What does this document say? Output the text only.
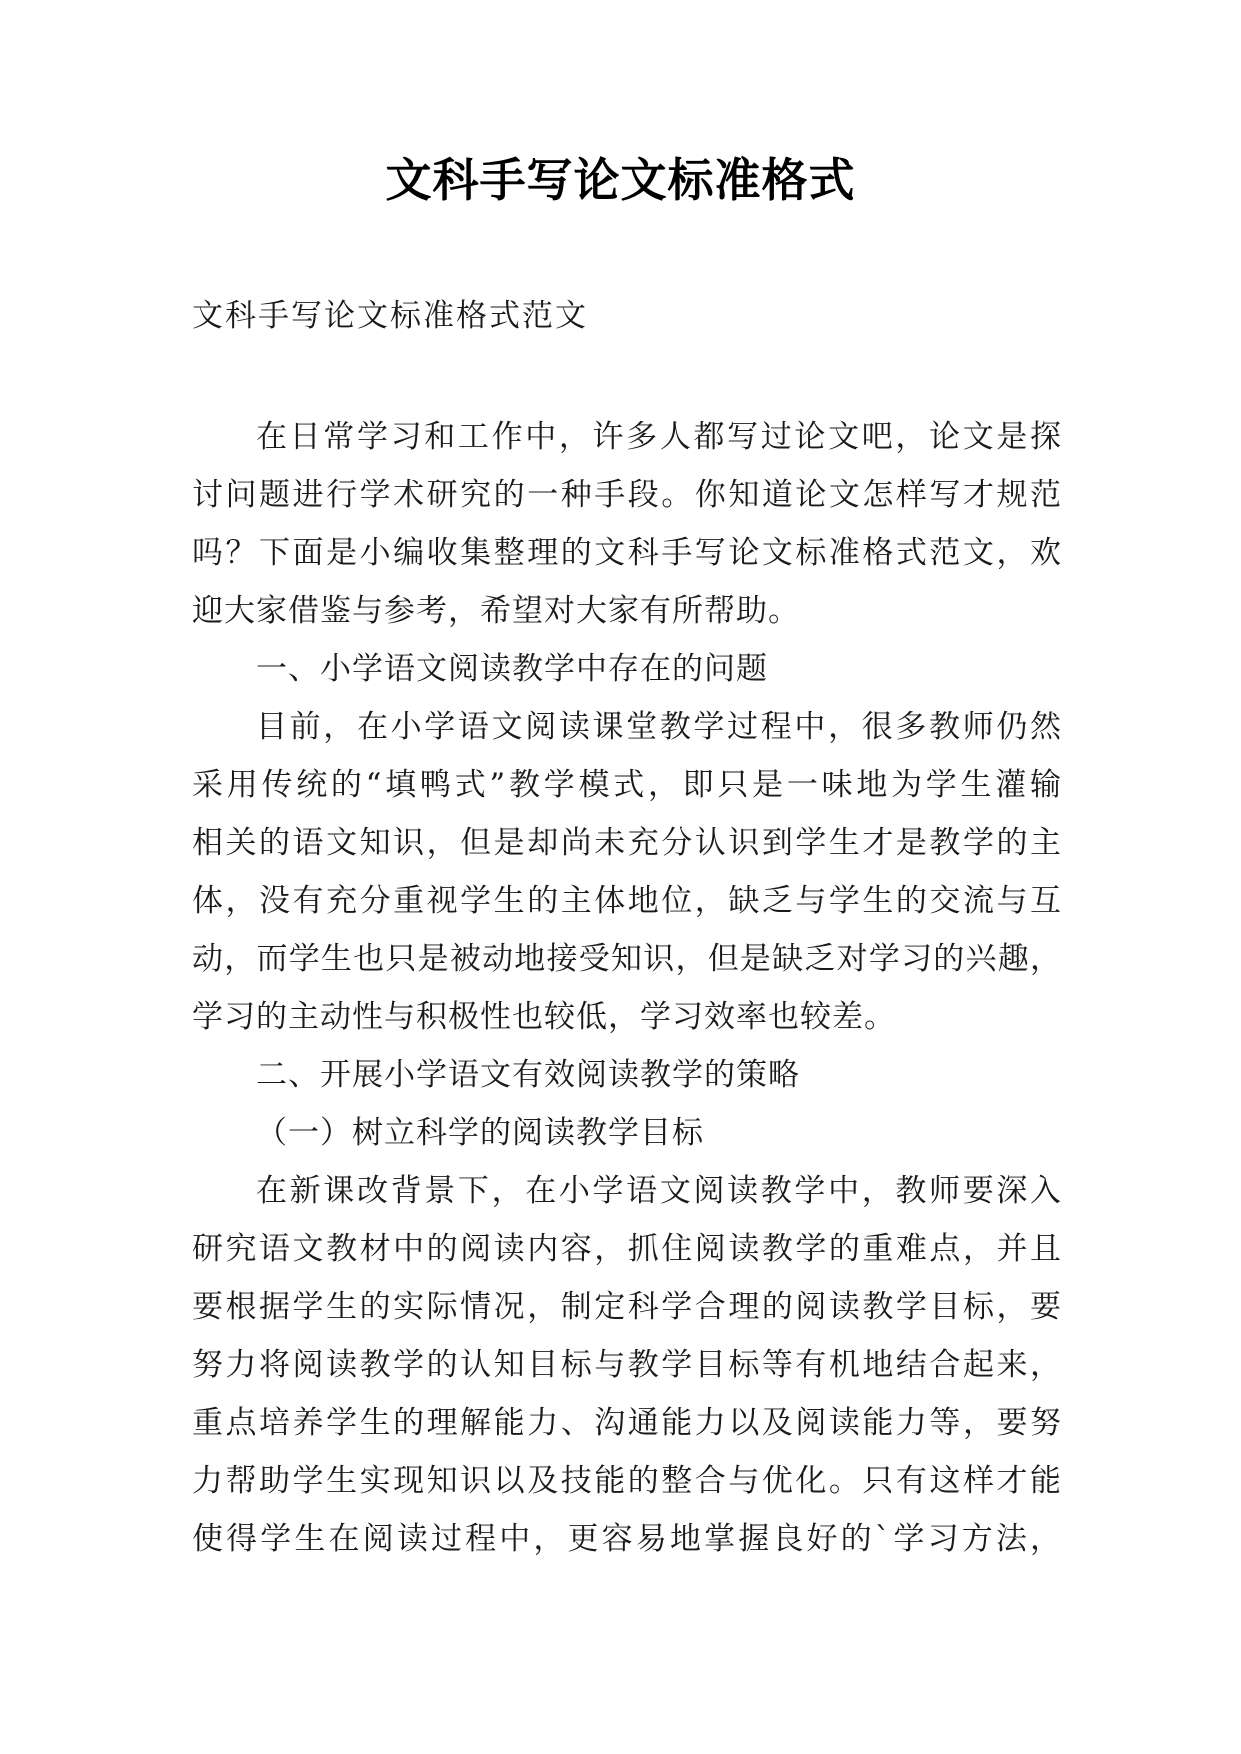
文科手写论文标准格式
文科手写论文标准格式范文
在日常学习和工作中，许多人都写过论文吧，论文是探
讨问题进行学术研究的一种手段。你知道论文怎样写才规范
吗？下面是小编收集整理的文科手写论文标准格式范文，欢
迎大家借鉴与参考，希望对大家有所帮助。
一、小学语文阅读教学中存在的问题
目前，在小学语文阅读课堂教学过程中，很多教师仍然
采用传统的“填鸭式”教学模式，即只是一味地为学生灌输
相关的语文知识，但是却尚未充分认识到学生才是教学的主
体，没有充分重视学生的主体地位，缺乏与学生的交流与互
动，而学生也只是被动地接受知识，但是缺乏对学习的兴趣，
学习的主动性与积极性也较低，学习效率也较差。
二、开展小学语文有效阅读教学的策略
（一）树立科学的阅读教学目标
在新课改背景下，在小学语文阅读教学中，教师要深入
研究语文教材中的阅读内容，抓住阅读教学的重难点，并且
要根据学生的实际情况，制定科学合理的阅读教学目标，要
努力将阅读教学的认知目标与教学目标等有机地结合起来，
重点培养学生的理解能力、沟通能力以及阅读能力等，要努
力帮助学生实现知识以及技能的整合与优化。只有这样才能
使得学生在阅读过程中，更容易地掌握良好的`学习方法，
